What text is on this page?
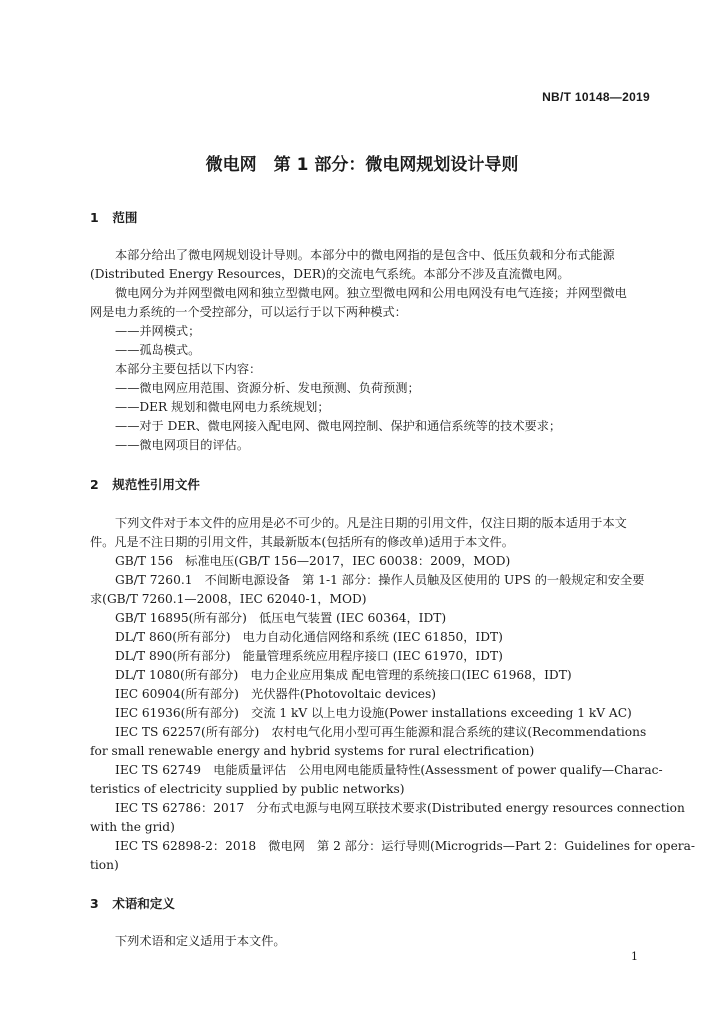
NB/T 10148—2019
微电网　第 1 部分：微电网规划设计导则
1 范围
本部分给出了微电网规划设计导则。本部分中的微电网指的是包含中、低压负载和分布式能源
(Distributed Energy Resources，DER)的交流电气系统。本部分不涉及直流微电网。
微电网分为并网型微电网和独立型微电网。独立型微电网和公用电网没有电气连接；并网型微电
网是电力系统的一个受控部分，可以运行于以下两种模式：
——并网模式；
——孤岛模式。
本部分主要包括以下内容：
——微电网应用范围、资源分析、发电预测、负荷预测；
——DER 规划和微电网电力系统规划；
——对于 DER、微电网接入配电网、微电网控制、保护和通信系统等的技术要求；
——微电网项目的评估。
2 规范性引用文件
下列文件对于本文件的应用是必不可少的。凡是注日期的引用文件，仅注日期的版本适用于本文
件。凡是不注日期的引用文件，其最新版本(包括所有的修改单)适用于本文件。
GB/T 156　标准电压(GB/T 156—2017，IEC 60038：2009，MOD)
GB/T 7260.1　不间断电源设备　第 1-1 部分：操作人员触及区使用的 UPS 的一般规定和安全要
求(GB/T 7260.1—2008，IEC 62040-1，MOD)
GB/T 16895(所有部分)　低压电气装置 (IEC 60364，IDT)
DL/T 860(所有部分)　电力自动化通信网络和系统 (IEC 61850，IDT)
DL/T 890(所有部分)　能量管理系统应用程序接口 (IEC 61970，IDT)
DL/T 1080(所有部分)　电力企业应用集成 配电管理的系统接口(IEC 61968，IDT)
IEC 60904(所有部分)　光伏器件(Photovoltaic devices)
IEC 61936(所有部分)　交流 1 kV 以上电力设施(Power installations exceeding 1 kV AC)
IEC TS 62257(所有部分)　农村电气化用小型可再生能源和混合系统的建议(Recommendations
for small renewable energy and hybrid systems for rural electrification)
IEC TS 62749　电能质量评估　公用电网电能质量特性(Assessment of power qualify—Charac-
teristics of electricity supplied by public networks)
IEC TS 62786：2017　分布式电源与电网互联技术要求(Distributed energy resources connection
with the grid)
IEC TS 62898-2：2018　微电网　第 2 部分：运行导则(Microgrids—Part 2：Guidelines for opera-
tion)
3 术语和定义
下列术语和定义适用于本文件。
1
